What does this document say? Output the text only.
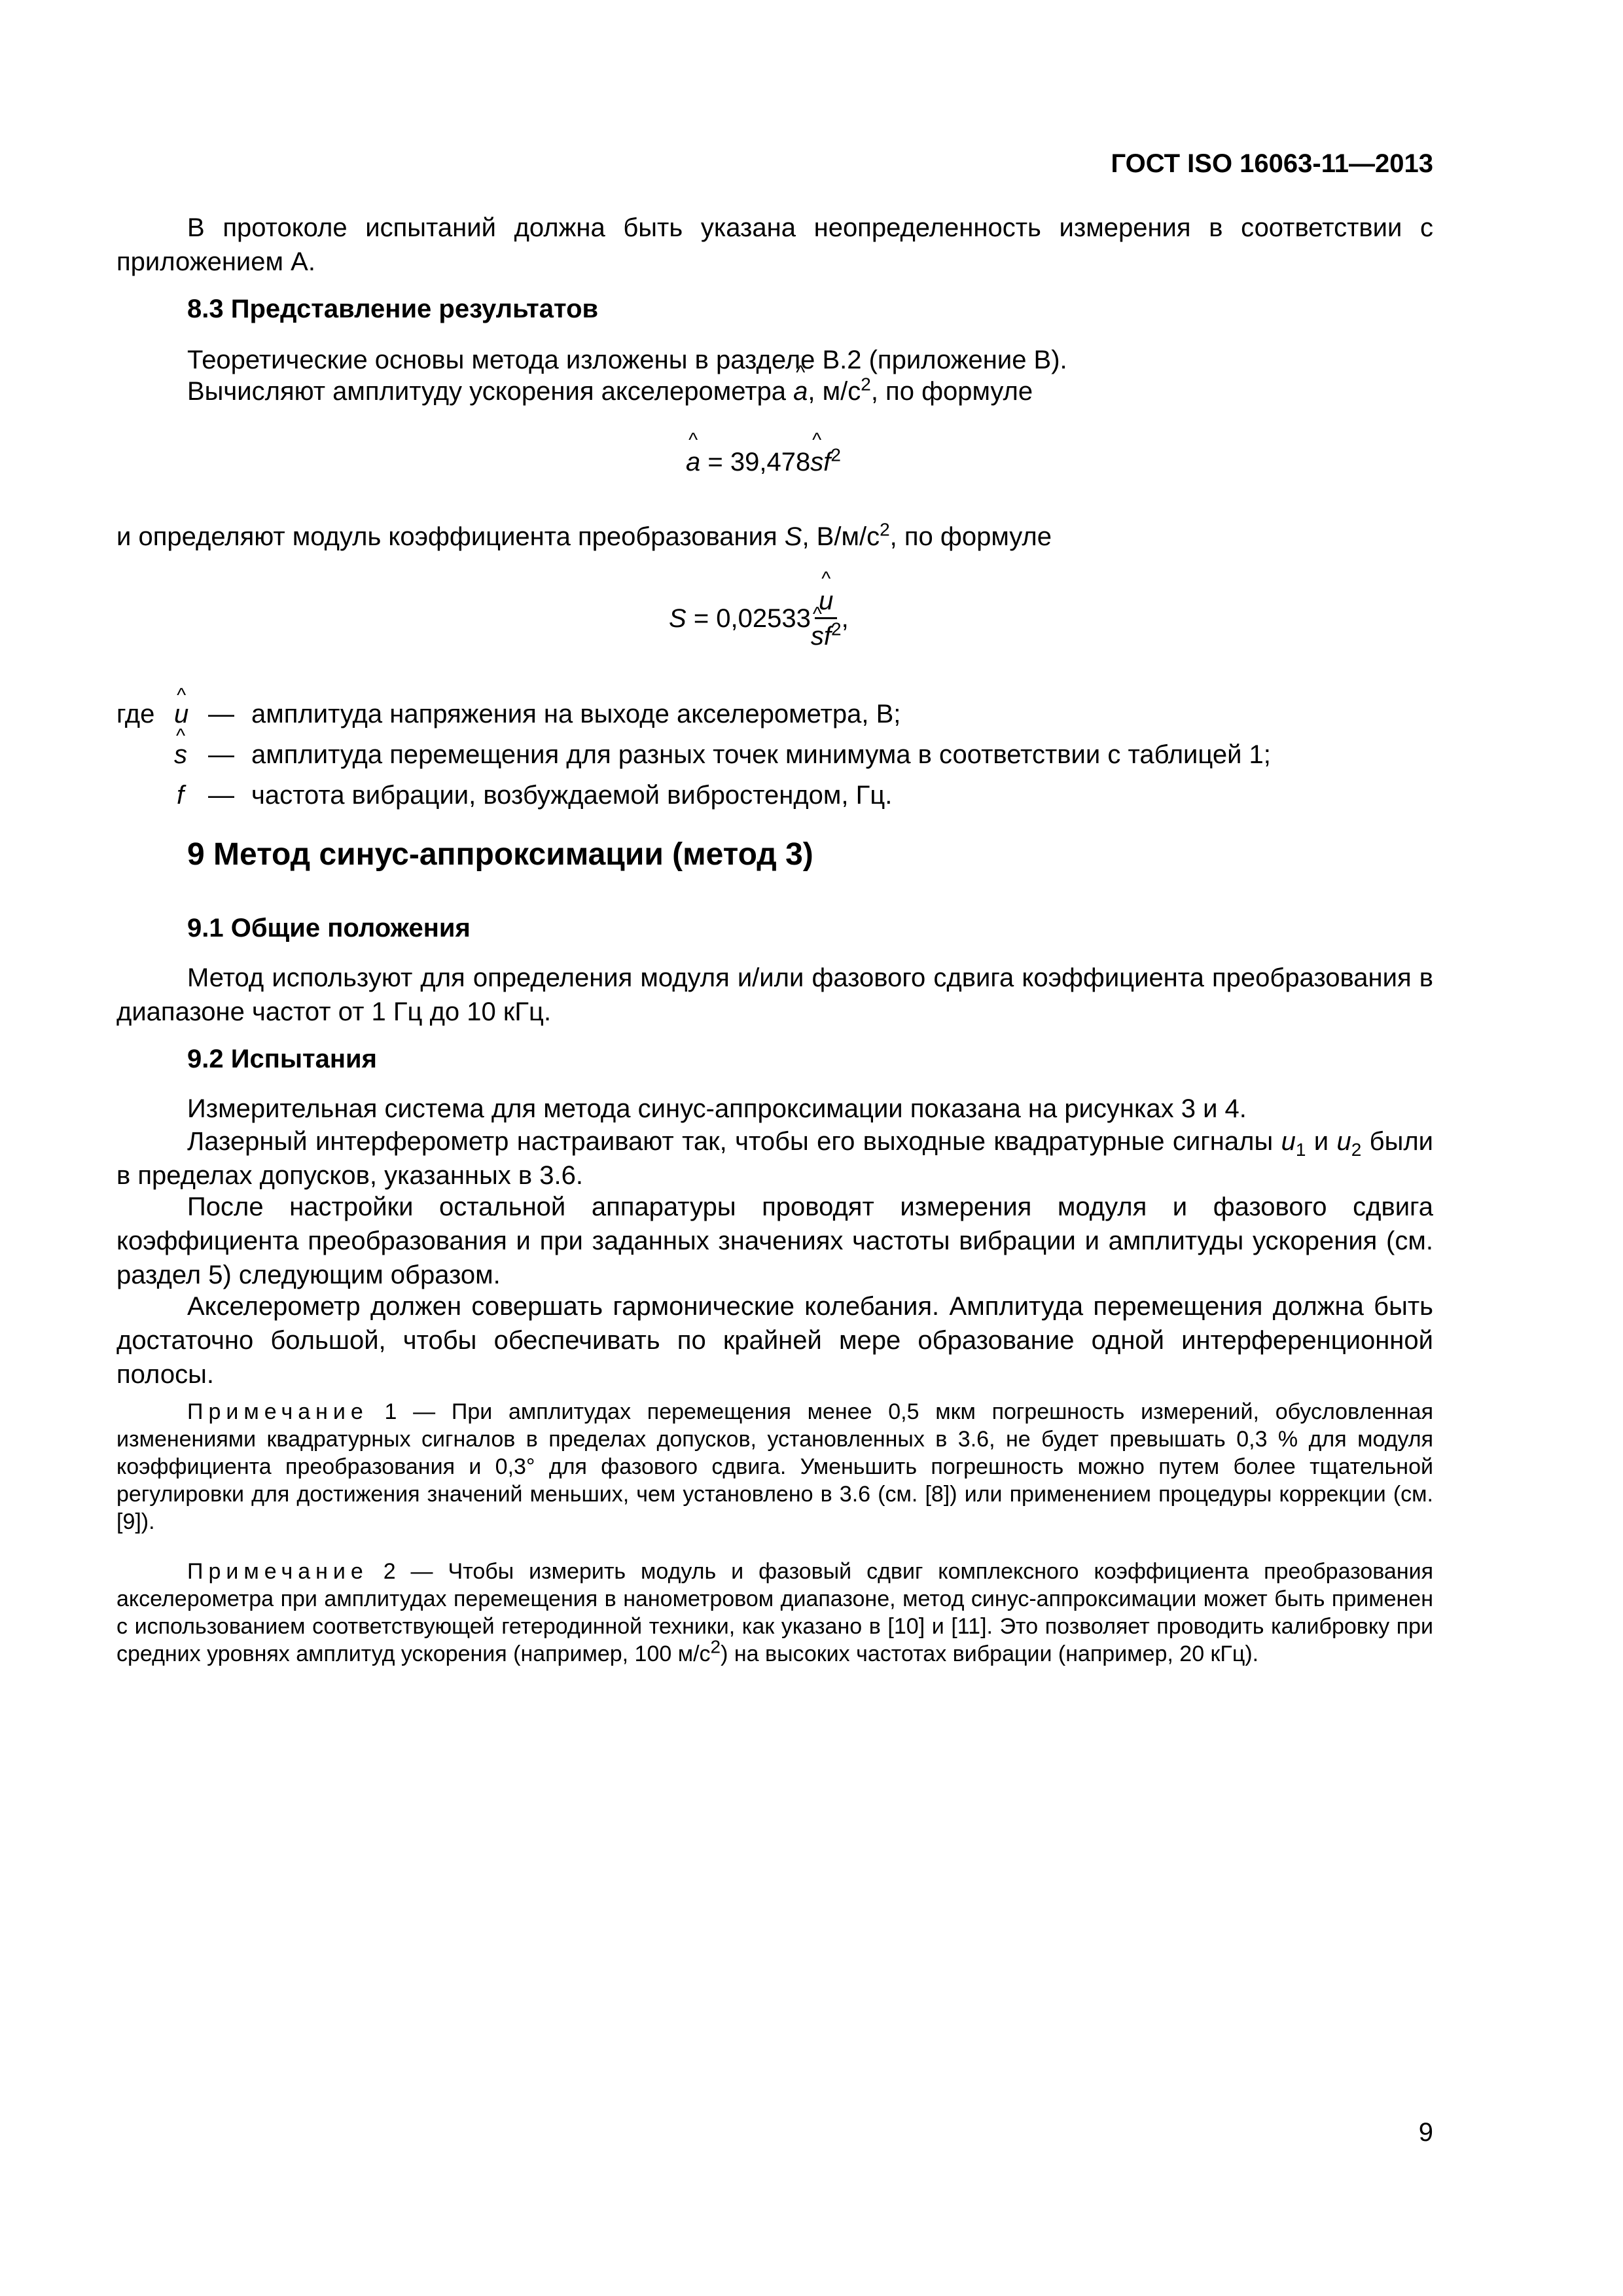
ГОСТ ISO 16063-11—2013
В протоколе испытаний должна быть указана неопределенность измерения в соответствии с приложением А.
8.3 Представление результатов
Теоретические основы метода изложены в разделе В.2 (приложение В).
Вычисляют амплитуду ускорения акселерометра ^ a, $м/с^2$, по формуле
^ a = 39,478^ $sf^2$
и определяют модуль коэффициента преобразования S, $В/м/с^2$, по формуле
S
=
0,02533 ^ u
^ $sf^2$ ,
где ^ u — амплитуда напряжения на выходе акселерометра, В;
^ s — амплитуда перемещения для разных точек минимума в соответствии с таблицей 1;
f — частота вибрации, возбуждаемой вибростендом, Гц.
9 Метод синус-аппроксимации (метод 3)
9.1 Общие положения
Метод используют для определения модуля и/или фазового сдвига коэффициента преобразования в диапазоне частот от 1 Гц до 10 кГц.
9.2 Испытания
Измерительная система для метода синус-аппроксимации показана на рисунках 3 и 4.
Лазерный интерферометр настраивают так, чтобы его выходные квадратурные сигналы $u_1$ и $u_2$ были в пределах допусков, указанных в 3.6.
После настройки остальной аппаратуры проводят измерения модуля и фазового сдвига коэффициента преобразования и при заданных значениях частоты вибрации и амплитуды ускорения (см. раздел 5) следующим образом.
Акселерометр должен совершать гармонические колебания. Амплитуда перемещения должна быть достаточно большой, чтобы обеспечивать по крайней мере образование одной интерференционной полосы.
Примечание 1 — При амплитудах перемещения менее 0,5 мкм погрешность измерений, обусловленная изменениями квадратурных сигналов в пределах допусков, установленных в 3.6, не будет превышать 0,3 % для модуля коэффициента преобразования и 0,3° для фазового сдвига. Уменьшить погрешность можно путем более тщательной регулировки для достижения значений меньших, чем установлено в 3.6 (см. [8]) или применением процедуры коррекции (см. [9]).
Примечание 2 — Чтобы измерить модуль и фазовый сдвиг комплексного коэффициента преобразования акселерометра при амплитудах перемещения в нанометровом диапазоне, метод синус-аппроксимации может быть применен с использованием соответствующей гетеродинной техники, как указано в [10] и [11]. Это позволяет проводить калибровку при средних уровнях амплитуд ускорения (например, 100 $м/с^2$) на высоких частотах вибрации (например, 20 кГц).
9
